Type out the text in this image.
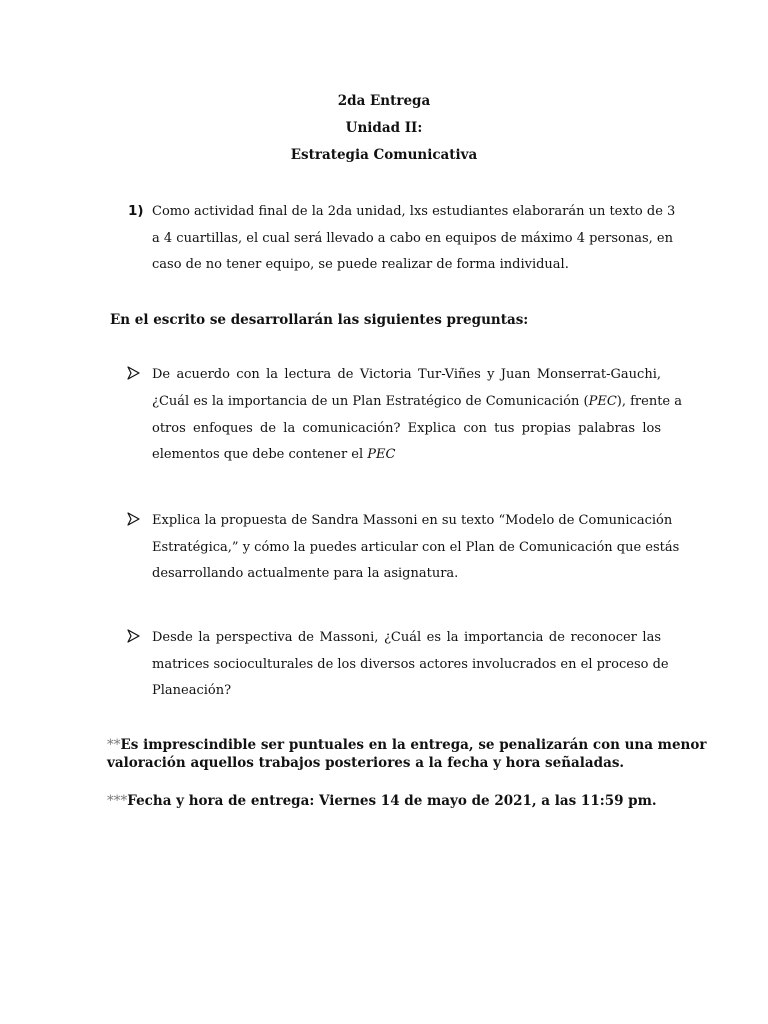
2da Entrega
Unidad II:
Estrategia Comunicativa
1) Como actividad final de la 2da unidad, lxs estudiantes elaborarán un texto de 3
a 4 cuartillas, el cual será llevado a cabo en equipos de máximo 4 personas, en
caso de no tener equipo, se puede realizar de forma individual.
En el escrito se desarrollarán las siguientes preguntas:
De acuerdo con la lectura de Victoria Tur-Viñes y Juan Monserrat-Gauchi,
¿Cuál es la importancia de un Plan Estratégico de Comunicación (PEC), frente a
otros enfoques de la comunicación? Explica con tus propias palabras los
elementos que debe contener el PEC
Explica la propuesta de Sandra Massoni en su texto “Modelo de Comunicación
Estratégica,” y cómo la puedes articular con el Plan de Comunicación que estás
desarrollando actualmente para la asignatura.
Desde la perspectiva de Massoni, ¿Cuál es la importancia de reconocer las
matrices socioculturales de los diversos actores involucrados en el proceso de
Planeación?
**Es imprescindible ser puntuales en la entrega, se penalizarán con una menor
valoración aquellos trabajos posteriores a la fecha y hora señaladas.
***Fecha y hora de entrega: Viernes 14 de mayo de 2021, a las 11:59 pm.
